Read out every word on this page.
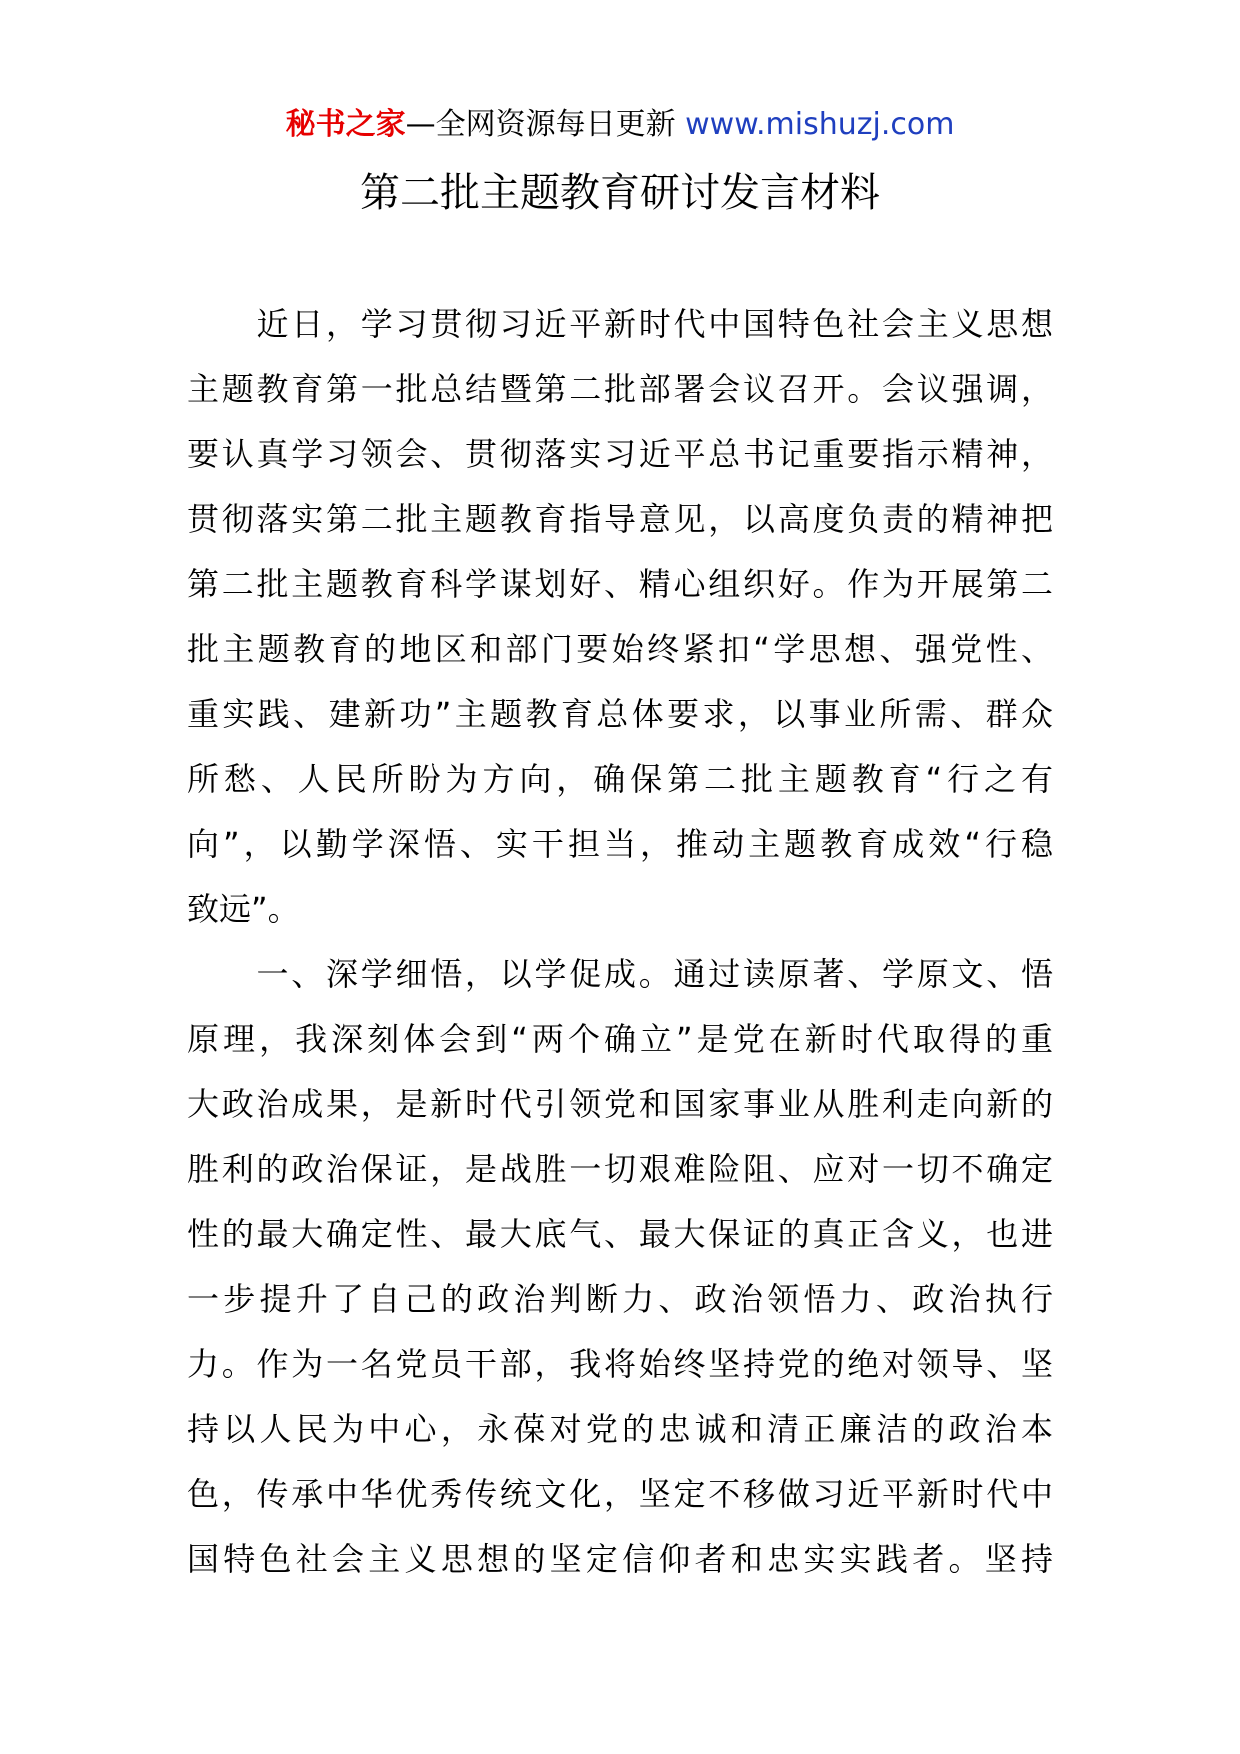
秘书之家—全网资源每日更新 www.mishuzj.com
第二批主题教育研讨发言材料
　　近日，学习贯彻习近平新时代中国特色社会主义思想
主题教育第一批总结暨第二批部署会议召开。会议强调，
要认真学习领会、贯彻落实习近平总书记重要指示精神，
贯彻落实第二批主题教育指导意见，以高度负责的精神把
第二批主题教育科学谋划好、精心组织好。作为开展第二
批主题教育的地区和部门要始终紧扣“学思想、强党性、
重实践、建新功”主题教育总体要求，以事业所需、群众
所愁、人民所盼为方向，确保第二批主题教育“行之有
向”，以勤学深悟、实干担当，推动主题教育成效“行稳
致远”。
　　一、深学细悟，以学促成。通过读原著、学原文、悟
原理，我深刻体会到“两个确立”是党在新时代取得的重
大政治成果，是新时代引领党和国家事业从胜利走向新的
胜利的政治保证，是战胜一切艰难险阻、应对一切不确定
性的最大确定性、最大底气、最大保证的真正含义，也进
一步提升了自己的政治判断力、政治领悟力、政治执行
力。作为一名党员干部，我将始终坚持党的绝对领导、坚
持以人民为中心，永葆对党的忠诚和清正廉洁的政治本
色，传承中华优秀传统文化，坚定不移做习近平新时代中
国特色社会主义思想的坚定信仰者和忠实实践者。坚持
